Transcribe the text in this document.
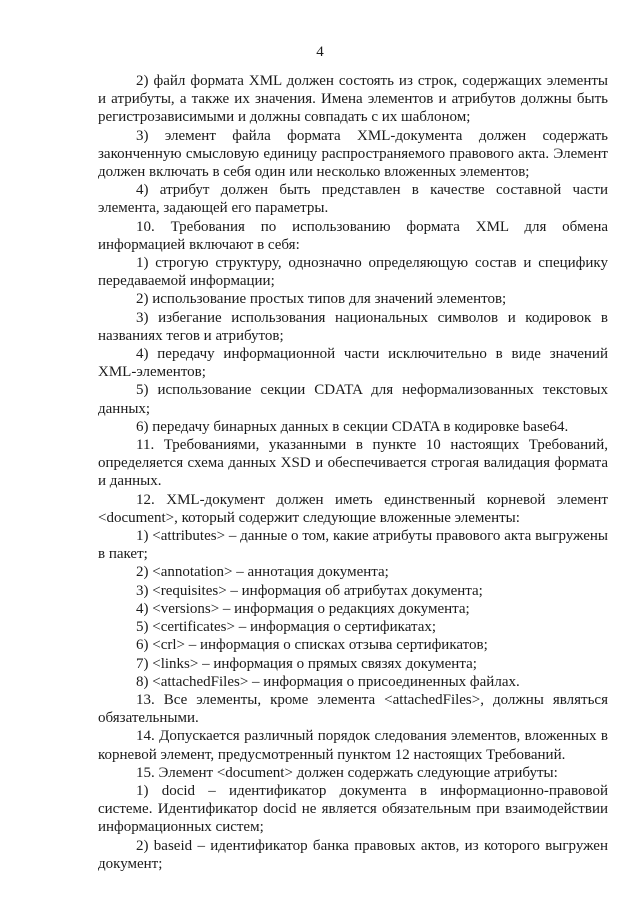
4

2) файл формата XML должен состоять из строк, содержащих элементы и атрибуты, а также их значения. Имена элементов и атрибутов должны быть регистрозависимыми и должны совпадать с их шаблоном;

3) элемент файла формата XML-документа должен содержать законченную смысловую единицу распространяемого правового акта. Элемент должен включать в себя один или несколько вложенных элементов;

4) атрибут должен быть представлен в качестве составной части элемента, задающей его параметры.

10. Требования по использованию формата XML для обмена информацией включают в себя:

1) строгую структуру, однозначно определяющую состав и специфику передаваемой информации;

2) использование простых типов для значений элементов;

3) избегание использования национальных символов и кодировок в названиях тегов и атрибутов;

4) передачу информационной части исключительно в виде значений XML-элементов;

5) использование секции CDATA для неформализованных текстовых данных;

6) передачу бинарных данных в секции CDATA в кодировке base64.

11. Требованиями, указанными в пункте 10 настоящих Требований, определяется схема данных XSD и обеспечивается строгая валидация формата и данных.

12. XML-документ должен иметь единственный корневой элемент <document>, который содержит следующие вложенные элементы:

1) <attributes> – данные о том, какие атрибуты правового акта выгружены в пакет;

2) <annotation> – аннотация документа;

3) <requisites> – информация об атрибутах документа;

4) <versions> – информация о редакциях документа;

5) <certificates> – информация о сертификатах;

6) <crl> – информация о списках отзыва сертификатов;

7) <links> – информация о прямых связях документа;

8) <attachedFiles> – информация о присоединенных файлах.

13. Все элементы, кроме элемента <attachedFiles>, должны являться обязательными.

14. Допускается различный порядок следования элементов, вложенных в корневой элемент, предусмотренный пунктом 12 настоящих Требований.

15. Элемент <document> должен содержать следующие атрибуты:

1) docid – идентификатор документа в информационно-правовой системе. Идентификатор docid не является обязательным при взаимодействии информационных систем;

2) baseid – идентификатор банка правовых актов, из которого выгружен документ;
